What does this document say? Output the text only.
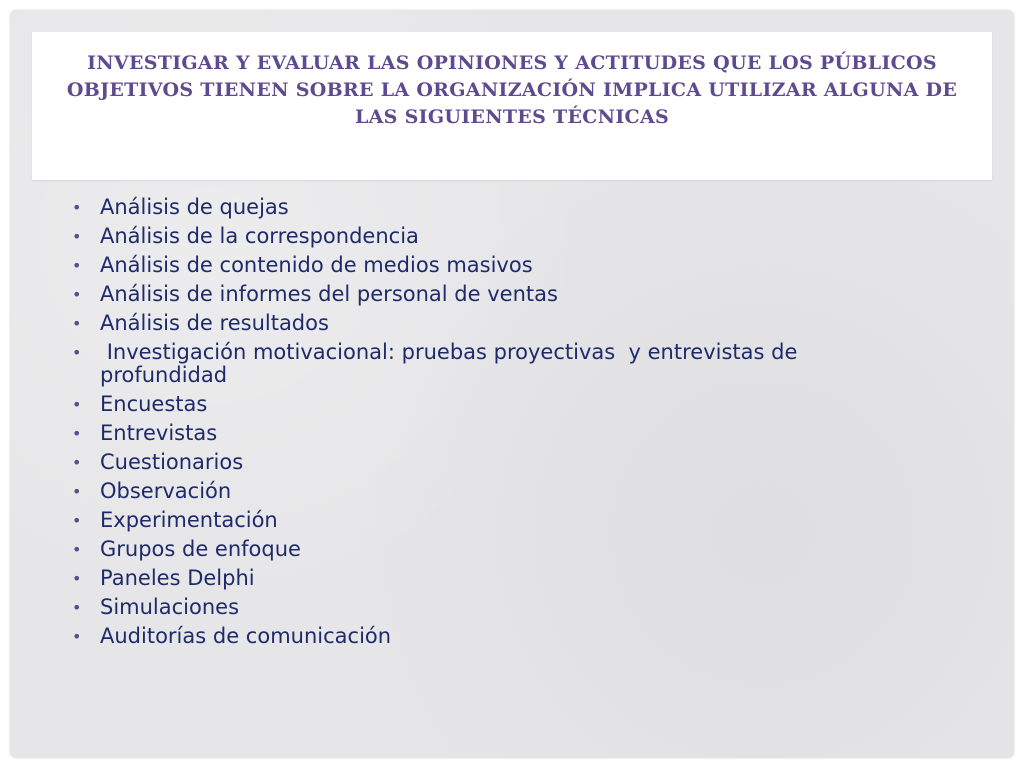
INVESTIGAR Y EVALUAR LAS OPINIONES Y ACTITUDES QUE LOS PÚBLICOS OBJETIVOS TIENEN SOBRE LA ORGANIZACIÓN IMPLICA UTILIZAR ALGUNA DE LAS SIGUIENTES TÉCNICAS
• Análisis de quejas
• Análisis de la correspondencia
• Análisis de contenido de medios masivos
• Análisis de informes del personal de ventas
• Análisis de resultados
• Investigación motivacional: pruebas proyectivas  y entrevistas de profundidad
• Encuestas
• Entrevistas
• Cuestionarios
• Observación
• Experimentación
• Grupos de enfoque
• Paneles Delphi
• Simulaciones
• Auditorías de comunicación
